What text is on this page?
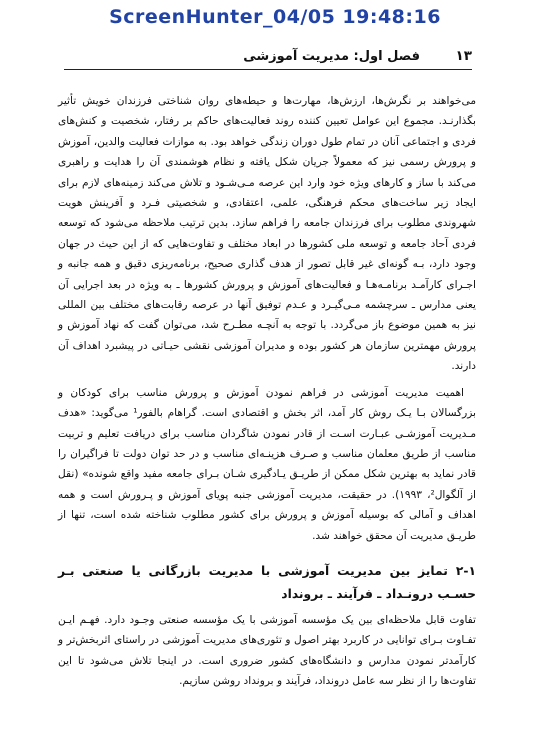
ScreenHunter_04/05 19:48:16
۱۳
فصل اول: مدیریت آموزشی

می‌خواهند بر نگرش‌ها، ارزش‌ها، مهارت‌ها و حیطه‌های روان شناختی فرزندان خویش تأثیر بگذارنـد. مجموع این عوامل تعیین کننده روند فعالیت‌های حاکم بر رفتار، شخصیت و کنش‌های فردی و اجتماعی آنان در تمام طول دوران زندگی خواهد بود. به موازات فعالیت والدین، آموزش و پرورش رسمی نیز که معمولاً جریان شکل یافته و نظام هوشمندی آن را هدایت و راهبری می‌کند با ساز و کارهای ویژه خود وارد این عرصه مـی‌شـود و تلاش می‌کند زمینه‌های لازم برای ایجاد زیر ساخت‌های محکم فرهنگی، علمی، اعتقادی، و شخصیتی فـرد و آفرینش هویت شهروندی مطلوب برای فرزندان جامعه را فراهم سازد. بدین ترتیب ملاحظه می‌شود که توسعه فردی آحاد جامعه و توسعه ملی کشورها در ابعاد مختلف و تفاوت‌هایی که از این حیث در جهان وجود دارد، بـه گونه‌ای غیر قابل تصور از هدف گذاری صحیح، برنامه‌ریزی دقیق و همه جانبه و اجـرای کارآمـد برنامـه‌هـا و فعالیت‌های آموزش و پرورش کشورها ـ به ویژه در بعد اجرایی آن یعنی مدارس ـ سرچشمه مـی‌گیـرد و عـدم توفیق آنها در عرصه رقابت‌های مختلف بین المللی نیز به همین موضوع باز می‌گردد. با توجه به آنچـه مطـرح شد، می‌توان گفت که نهاد آموزش و پرورش مهمترین سازمان هر کشور بوده و مدیران آموزشی نقشی حیـاتی در پیشبرد اهداف آن دارند.

اهمیت مدیریت آموزشی در فراهم نمودن آموزش و پرورش مناسب برای کودکان و بزرگسالان بـا یـک روش کار آمد، اثر بخش و اقتصادی است. گراهام بالفور¹ می‌گوید: «هدف مـدیریت آموزشـی عبـارت اسـت از قادر نمودن شاگردان مناسب برای دریافت تعلیم و تربیت مناسب از طریق معلمان مناسب و صـرف هزینـه‌ای مناسب و در حد توان دولت تا فراگیران را قادر نماید به بهترین شکل ممکن از طریـق یـادگیری شـان بـرای جامعه مفید واقع شونده» (نقل از آلگوال²، ۱۹۹۳). در حقیقت، مدیریت آموزشی جنبه پویای آموزش و پـرورش است و همه اهداف و آمالی که بوسیله آموزش و پرورش برای کشور مطلوب شناخته شده است، تنها از طریـق مدیریت آن محقق خواهند شد.

۲-۱تمایز بین مدیریت آموزشی با مدیریت بازرگانی یا صنعتی بـر حسـب درونـداد ـ فرآیند ـ برونداد

تفاوت قابل ملاحظه‌ای بین یک مؤسسه آموزشی با یک مؤسسه صنعتی وجـود دارد. فهـم ایـن تفـاوت بـرای توانایی در کاربرد بهتر اصول و تئوری‌های مدیریت آموزشی در راستای اثربخش‌تر و کارآمدتر نمودن مدارس و دانشگاه‌های کشور ضروری است. در اینجا تلاش می‌شود تا این تفاوت‌ها را از نظر سه عامل درونداد، فرآیند و برونداد روشن سازیم.
